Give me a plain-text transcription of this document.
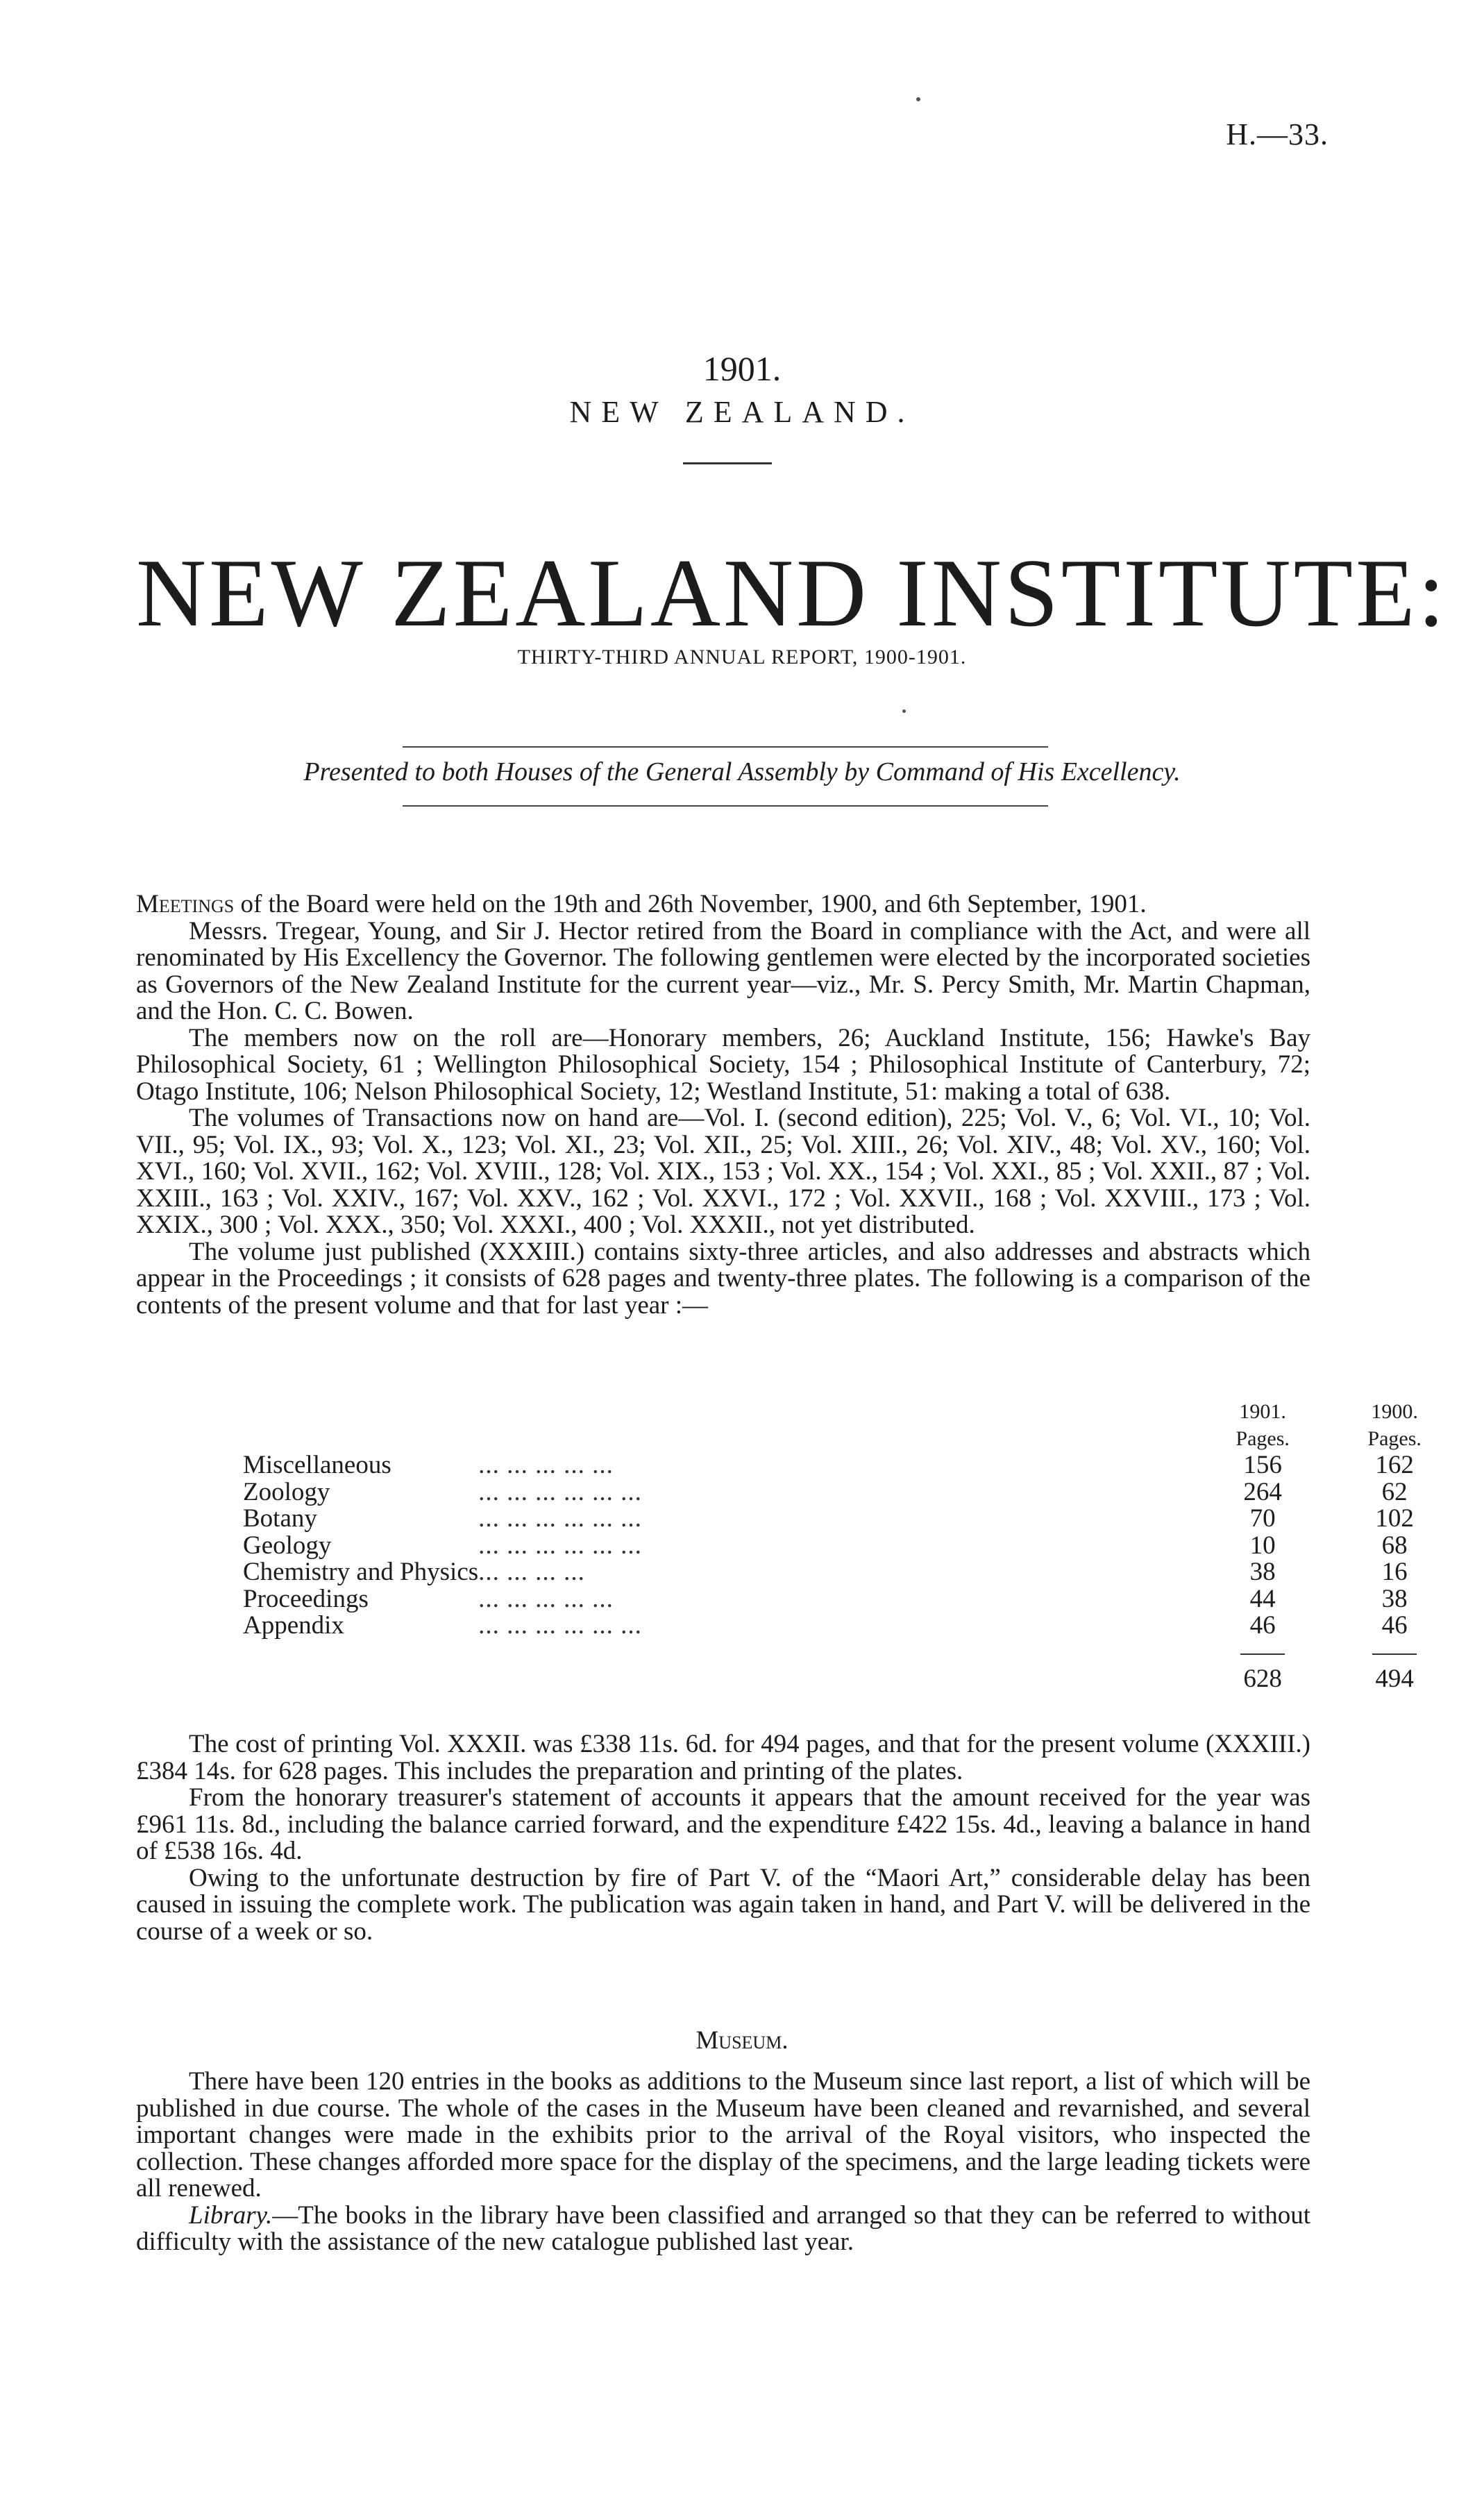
H.—33.
1901.
NEW ZEALAND.
NEW ZEALAND INSTITUTE:
THIRTY-THIRD ANNUAL REPORT, 1900-1901.
Presented to both Houses of the General Assembly by Command of His Excellency.

Meetings of the Board were held on the 19th and 26th November, 1900, and 6th September, 1901.

Messrs. Tregear, Young, and Sir J. Hector retired from the Board in compliance with the Act, and were all renominated by His Excellency the Governor. The following gentlemen were elected by the incorporated societies as Governors of the New Zealand Institute for the current year—viz., Mr. S. Percy Smith, Mr. Martin Chapman, and the Hon. C. C. Bowen.

The members now on the roll are—Honorary members, 26; Auckland Institute, 156; Hawke's Bay Philosophical Society, 61 ; Wellington Philosophical Society, 154 ; Philosophical Institute of Canterbury, 72; Otago Institute, 106; Nelson Philosophical Society, 12; Westland Institute, 51: making a total of 638.

The volumes of Transactions now on hand are—Vol. I. (second edition), 225; Vol. V., 6; Vol. VI., 10; Vol. VII., 95; Vol. IX., 93; Vol. X., 123; Vol. XI., 23; Vol. XII., 25; Vol. XIII., 26; Vol. XIV., 48; Vol. XV., 160; Vol. XVI., 160; Vol. XVII., 162; Vol. XVIII., 128; Vol. XIX., 153 ; Vol. XX., 154 ; Vol. XXI., 85 ; Vol. XXII., 87 ; Vol. XXIII., 163 ; Vol. XXIV., 167; Vol. XXV., 162 ; Vol. XXVI., 172 ; Vol. XXVII., 168 ; Vol. XXVIII., 173 ; Vol. XXIX., 300 ; Vol. XXX., 350; Vol. XXXI., 400 ; Vol. XXXII., not yet distributed.

The volume just published (XXXIII.) contains sixty-three articles, and also addresses and abstracts which appear in the Proceedings ; it consists of 628 pages and twenty-three plates. The following is a comparison of the contents of the present volume and that for last year :—

		1901.		1900.
		Pages.		Pages.
Miscellaneous	... ... ... ... ...	156		162
Zoology	... ... ... ... ... ...	264		62
Botany	... ... ... ... ... ...	70		102
Geology	... ... ... ... ... ...	10		68
Chemistry and Physics	... ... ... ...	38		16
Proceedings	... ... ... ... ...	44		38
Appendix	... ... ... ... ... ...	46		46

		628		494

The cost of printing Vol. XXXII. was £338 11s. 6d. for 494 pages, and that for the present volume (XXXIII.) £384 14s. for 628 pages. This includes the preparation and printing of the plates.

From the honorary treasurer's statement of accounts it appears that the amount received for the year was £961 11s. 8d., including the balance carried forward, and the expenditure £422 15s. 4d., leaving a balance in hand of £538 16s. 4d.

Owing to the unfortunate destruction by fire of Part V. of the “Maori Art,” considerable delay has been caused in issuing the complete work. The publication was again taken in hand, and Part V. will be delivered in the course of a week or so.

Museum.

There have been 120 entries in the books as additions to the Museum since last report, a list of which will be published in due course. The whole of the cases in the Museum have been cleaned and revarnished, and several important changes were made in the exhibits prior to the arrival of the Royal visitors, who inspected the collection. These changes afforded more space for the display of the specimens, and the large leading tickets were all renewed.

Library.—The books in the library have been classified and arranged so that they can be referred to without difficulty with the assistance of the new catalogue published last year.
